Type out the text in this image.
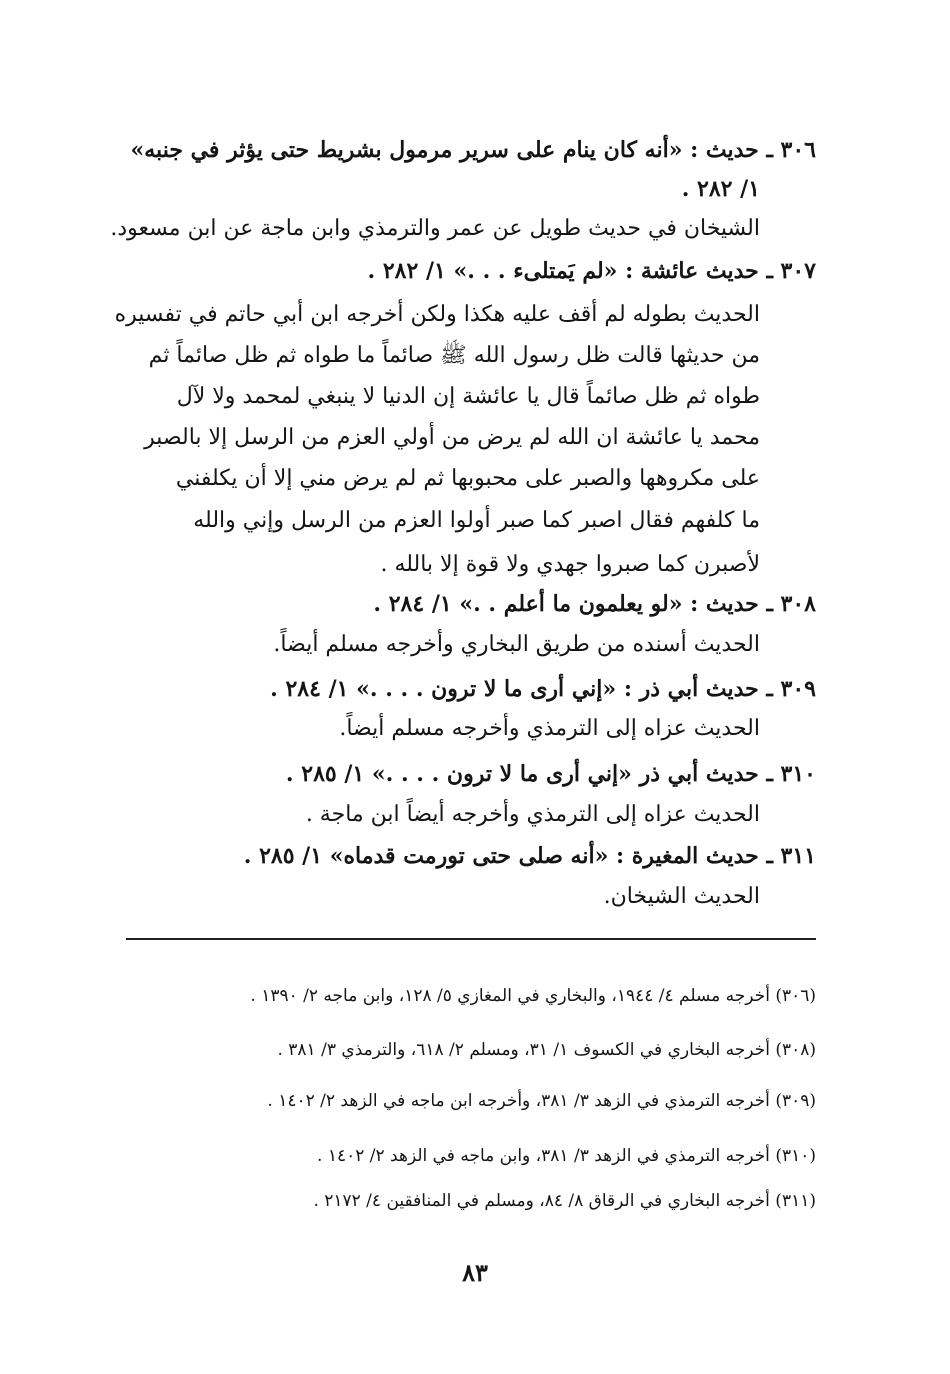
٣٠٦ ـ حديث : «أنه كان ينام على سرير مرمول بشريط حتى يؤثر في جنبه»
١/ ٢٨٢ .
الشيخان في حديث طويل عن عمر والترمذي وابن ماجة عن ابن مسعود.
٣٠٧ ـ حديث عائشة : «لم يَمتلىء . . .» ١/ ٢٨٢ .
الحديث بطوله لم أقف عليه هكذا ولكن أخرجه ابن أبي حاتم في تفسيره
من حديثها قالت ظل رسول الله ﷺ صائماً ما طواه ثم ظل صائماً ثم
طواه ثم ظل صائماً قال يا عائشة إن الدنيا لا ينبغي لمحمد ولا لآل
محمد يا عائشة ان الله لم يرض من أولي العزم من الرسل إلا بالصبر
على مكروهها والصبر على محبوبها ثم لم يرض مني إلا أن يكلفني
ما كلفهم فقال اصبر كما صبر أولوا العزم من الرسل وإني والله
لأصبرن كما صبروا جهدي ولا قوة إلا بالله .
٣٠٨ ـ حديث : «لو يعلمون ما أعلم . .» ١/ ٢٨٤ .
الحديث أسنده من طريق البخاري وأخرجه مسلم أيضاً.
٣٠٩ ـ حديث أبي ذر : «إني أرى ما لا ترون . . . .» ١/ ٢٨٤ .
الحديث عزاه إلى الترمذي وأخرجه مسلم أيضاً.
٣١٠ ـ حديث أبي ذر «إني أرى ما لا ترون . . . .» ١/ ٢٨٥ .
الحديث عزاه إلى الترمذي وأخرجه أيضاً ابن ماجة .
٣١١ ـ حديث المغيرة : «أنه صلى حتى تورمت قدماه» ١/ ٢٨٥ .
الحديث الشيخان.
(٣٠٦) أخرجه مسلم ٤/ ١٩٤٤، والبخاري في المغازي ٥/ ١٢٨، وابن ماجه ٢/ ١٣٩٠ .
(٣٠٨) أخرجه البخاري في الكسوف ١/ ٣١، ومسلم ٢/ ٦١٨، والترمذي ٣/ ٣٨١ .
(٣٠٩) أخرجه الترمذي في الزهد ٣/ ٣٨١، وأخرجه ابن ماجه في الزهد ٢/ ١٤٠٢ .
(٣١٠) أخرجه الترمذي في الزهد ٣/ ٣٨١، وابن ماجه في الزهد ٢/ ١٤٠٢ .
(٣١١) أخرجه البخاري في الرقاق ٨/ ٨٤، ومسلم في المنافقين ٤/ ٢١٧٢ .
٨٣
